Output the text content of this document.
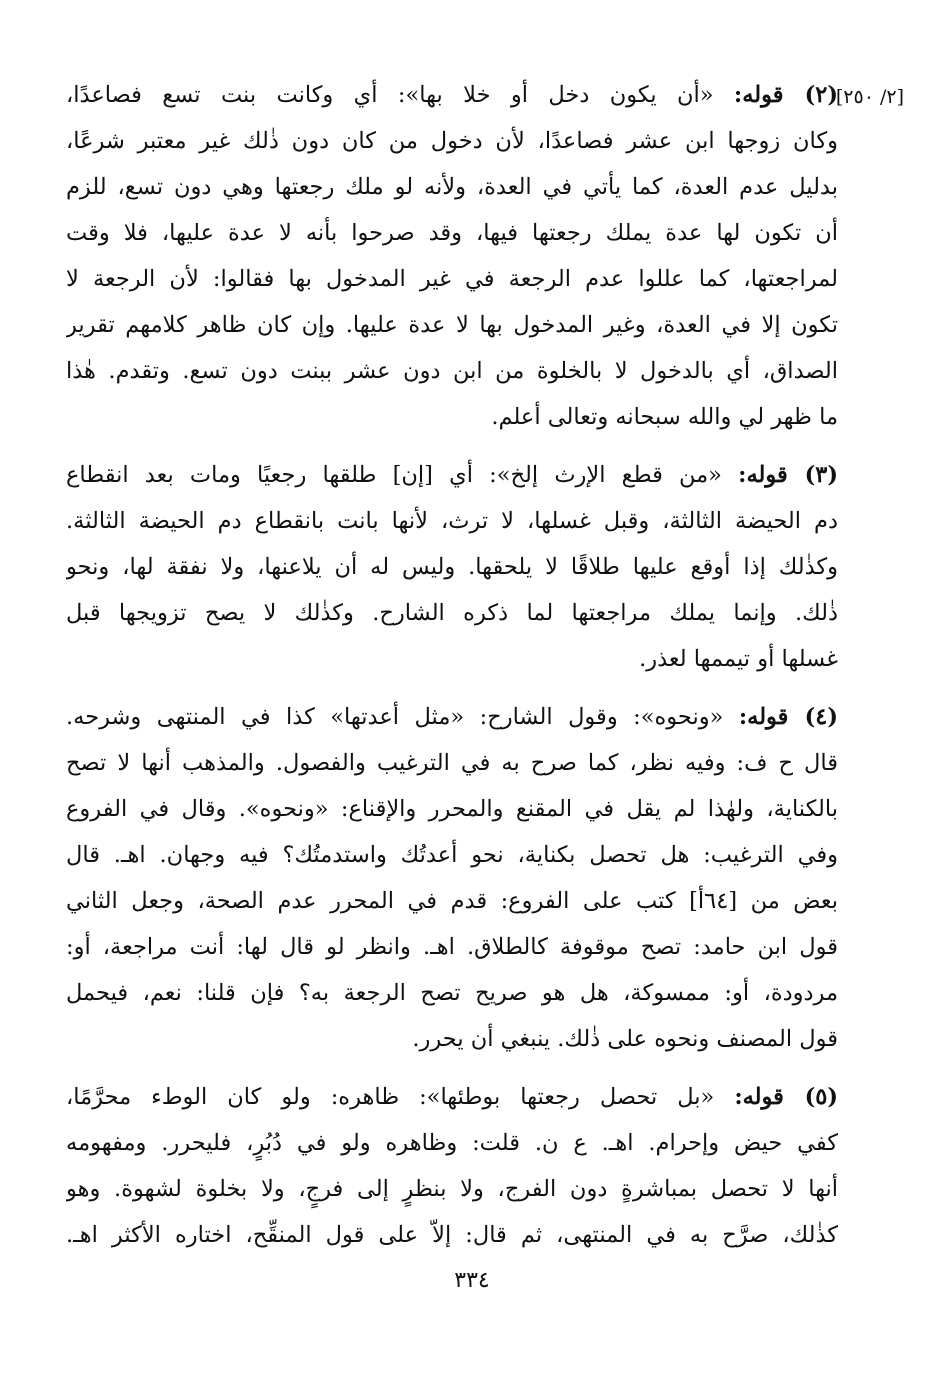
[٢/ ٢٥٠]
(٢) قوله: «أن يكون دخل أو خلا بها»: أي وكانت بنت تسع فصاعدًا،
وكان زوجها ابن عشر فصاعدًا، لأن دخول من كان دون ذٰلك غير معتبر شرعًا،
بدليل عدم العدة، كما يأتي في العدة، ولأنه لو ملك رجعتها وهي دون تسع، للزم
أن تكون لها عدة يملك رجعتها فيها، وقد صرحوا بأنه لا عدة عليها، فلا وقت
لمراجعتها، كما عللوا عدم الرجعة في غير المدخول بها فقالوا: لأن الرجعة لا
تكون إلا في العدة، وغير المدخول بها لا عدة عليها. وإن كان ظاهر كلامهم تقرير
الصداق، أي بالدخول لا بالخلوة من ابن دون عشر ببنت دون تسع. وتقدم. هٰذا
ما ظهر لي والله سبحانه وتعالى أعلم.
(٣) قوله: «من قطع الإرث إلخ»: أي [إن] طلقها رجعيًا ومات بعد انقطاع
دم الحيضة الثالثة، وقبل غسلها، لا ترث، لأنها بانت بانقطاع دم الحيضة الثالثة.
وكذٰلك إذا أوقع عليها طلاقًا لا يلحقها. وليس له أن يلاعنها، ولا نفقة لها، ونحو
ذٰلك. وإنما يملك مراجعتها لما ذكره الشارح. وكذٰلك لا يصح تزويجها قبل
غسلها أو تيممها لعذر.
(٤) قوله: «ونحوه»: وقول الشارح: «مثل أعدتها» كذا في المنتهى وشرحه.
قال ح ف: وفيه نظر، كما صرح به في الترغيب والفصول. والمذهب أنها لا تصح
بالكناية، ولهٰذا لم يقل في المقنع والمحرر والإقناع: «ونحوه». وقال في الفروع
وفي الترغيب: هل تحصل بكناية، نحو أعدتُك واستدمتُك؟ فيه وجهان. اهـ. قال
بعض من [٦٤أ] كتب على الفروع: قدم في المحرر عدم الصحة، وجعل الثاني
قول ابن حامد: تصح موقوفة كالطلاق. اهـ. وانظر لو قال لها: أنت مراجعة، أو:
مردودة، أو: ممسوكة، هل هو صريح تصح الرجعة به؟ فإن قلنا: نعم، فيحمل
قول المصنف ونحوه على ذٰلك. ينبغي أن يحرر.
(٥) قوله: «بل تحصل رجعتها بوطئها»: ظاهره: ولو كان الوطء محرَّمًا،
كفي حيض وإحرام. اهـ. ع ن. قلت: وظاهره ولو في دُبُرٍ، فليحرر. ومفهومه
أنها لا تحصل بمباشرةٍ دون الفرج، ولا بنظرٍ إلى فرجٍ، ولا بخلوة لشهوة. وهو
كذٰلك، صرَّح به في المنتهى، ثم قال: إلاّ على قول المنقِّح، اختاره الأكثر اهـ.
٣٣٤
